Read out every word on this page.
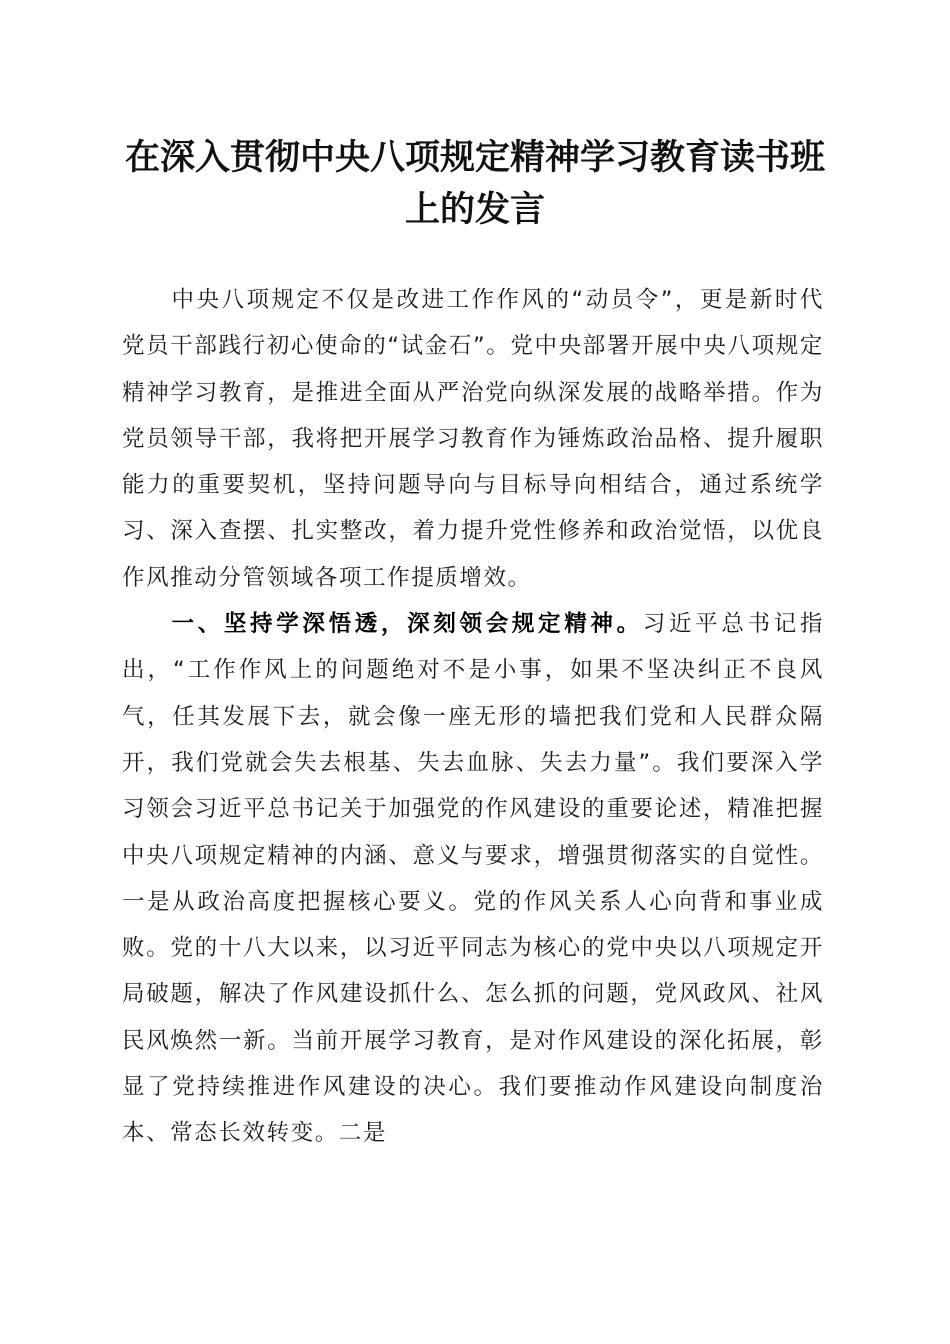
在深入贯彻中央八项规定精神学习教育读书班上的发言

中央八项规定不仅是改进工作作风的“动员令”，更是新时代党员干部践行初心使命的“试金石”。党中央部署开展中央八项规定精神学习教育，是推进全面从严治党向纵深发展的战略举措。作为党员领导干部，我将把开展学习教育作为锤炼政治品格、提升履职能力的重要契机，坚持问题导向与目标导向相结合，通过系统学习、深入查摆、扎实整改，着力提升党性修养和政治觉悟，以优良作风推动分管领域各项工作提质增效。

一、坚持学深悟透，深刻领会规定精神。习近平总书记指出，“工作作风上的问题绝对不是小事，如果不坚决纠正不良风气，任其发展下去，就会像一座无形的墙把我们党和人民群众隔开，我们党就会失去根基、失去血脉、失去力量”。我们要深入学习领会习近平总书记关于加强党的作风建设的重要论述，精准把握中央八项规定精神的内涵、意义与要求，增强贯彻落实的自觉性。一是从政治高度把握核心要义。党的作风关系人心向背和事业成败。党的十八大以来，以习近平同志为核心的党中央以八项规定开局破题，解决了作风建设抓什么、怎么抓的问题，党风政风、社风民风焕然一新。当前开展学习教育，是对作风建设的深化拓展，彰显了党持续推进作风建设的决心。我们要推动作风建设向制度治本、常态长效转变。二是
